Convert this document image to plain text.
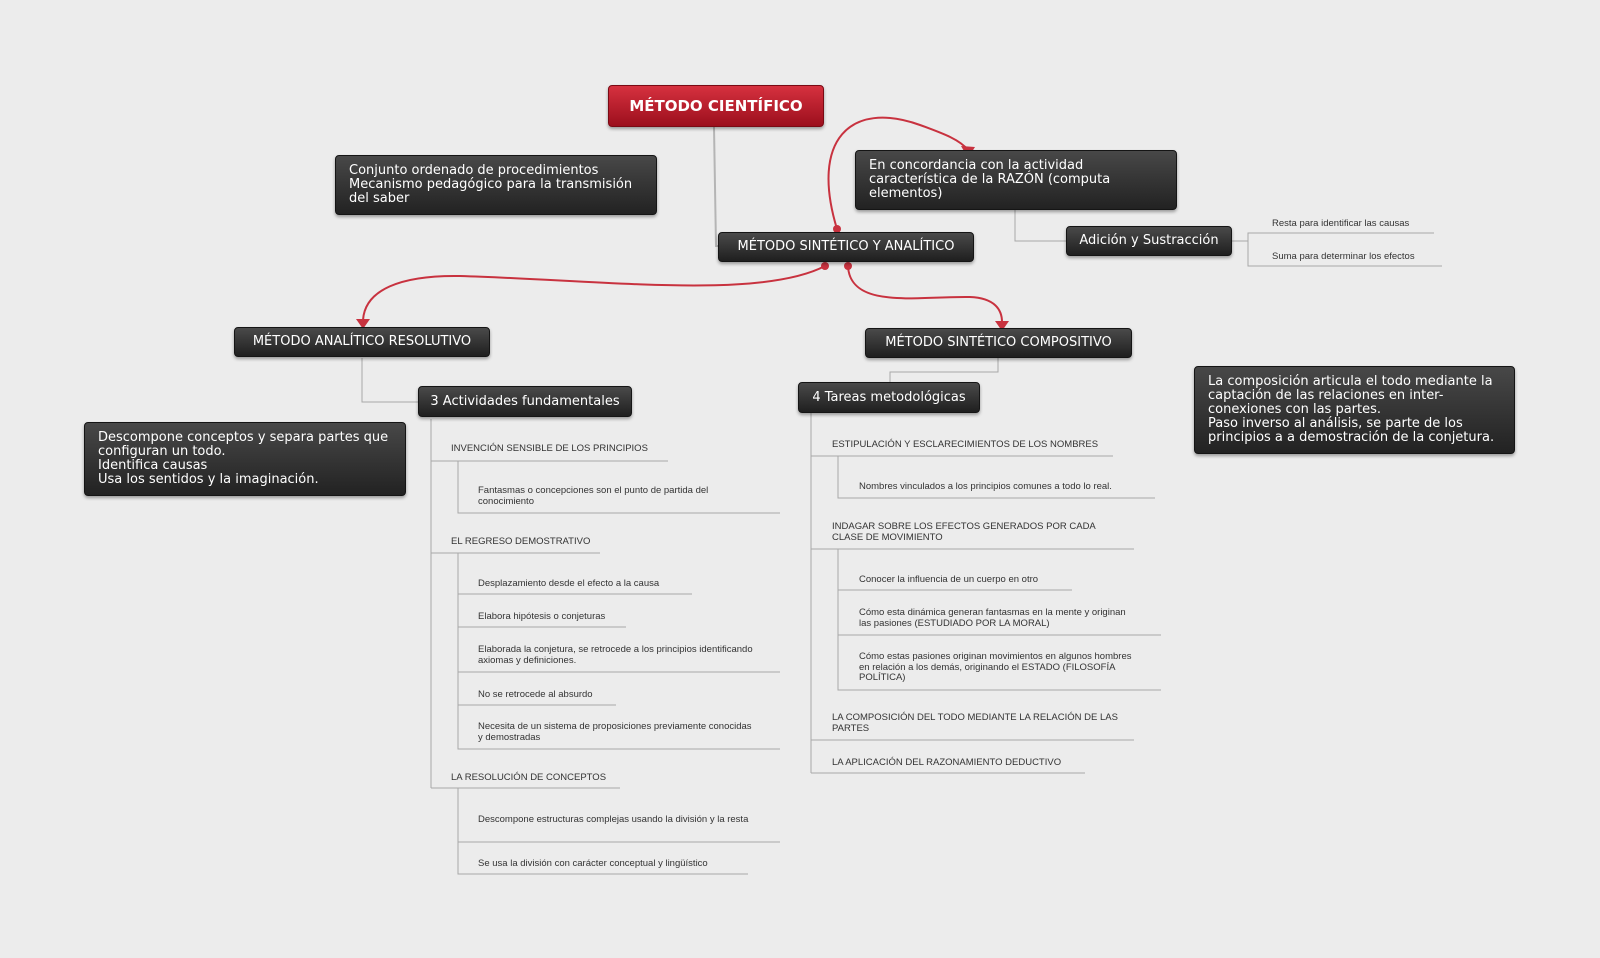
MÉTODO CIENTÍFICO
Conjunto ordenado de procedimientos
Mecanismo pedagógico para la transmisión
del saber
MÉTODO SINTÉTICO Y ANALÍTICO
En concordancia con la actividad
característica de la RAZÓN (computa
elementos)
Adición y Sustracción
Resta para identificar las causas
Suma para determinar los efectos
MÉTODO ANALÍTICO RESOLUTIVO
Descompone conceptos y separa partes que
configuran un todo.
Identifica causas
Usa los sentidos y la imaginación.
3 Actividades fundamentales
INVENCIÓN SENSIBLE DE LOS PRINCIPIOS
Fantasmas o concepciones son el punto de partida del conocimiento
EL REGRESO DEMOSTRATIVO
Desplazamiento desde el efecto a la causa
Elabora hipótesis o conjeturas
Elaborada la conjetura, se retrocede a los principios identificando axiomas y definiciones.
No se retrocede al absurdo
Necesita de un sistema de proposiciones previamente conocidas y demostradas
LA RESOLUCIÓN DE CONCEPTOS
Descompone estructuras complejas usando la división y la resta
Se usa la división con carácter conceptual y lingüístico
MÉTODO SINTÉTICO COMPOSITIVO
La composición articula el todo mediante la
captación de las relaciones en inter-
conexiones con las partes.
Paso inverso al análisis, se parte de los
principios a a demostración de la conjetura.
4 Tareas metodológicas
ESTIPULACIÓN Y ESCLARECIMIENTOS DE LOS NOMBRES
Nombres vinculados a los principios comunes a todo lo real.
INDAGAR SOBRE LOS EFECTOS GENERADOS POR CADA CLASE DE MOVIMIENTO
Conocer la influencia de un cuerpo en otro
Cómo esta dinámica generan fantasmas en la mente y originan las pasiones (ESTUDIADO POR LA MORAL)
Cómo estas pasiones originan movimientos en algunos hombres en relación a los demás, originando el ESTADO (FILOSOFÍA POLÍTICA)
LA COMPOSICIÓN DEL TODO MEDIANTE LA RELACIÓN DE LAS PARTES
LA APLICACIÓN DEL RAZONAMIENTO DEDUCTIVO
